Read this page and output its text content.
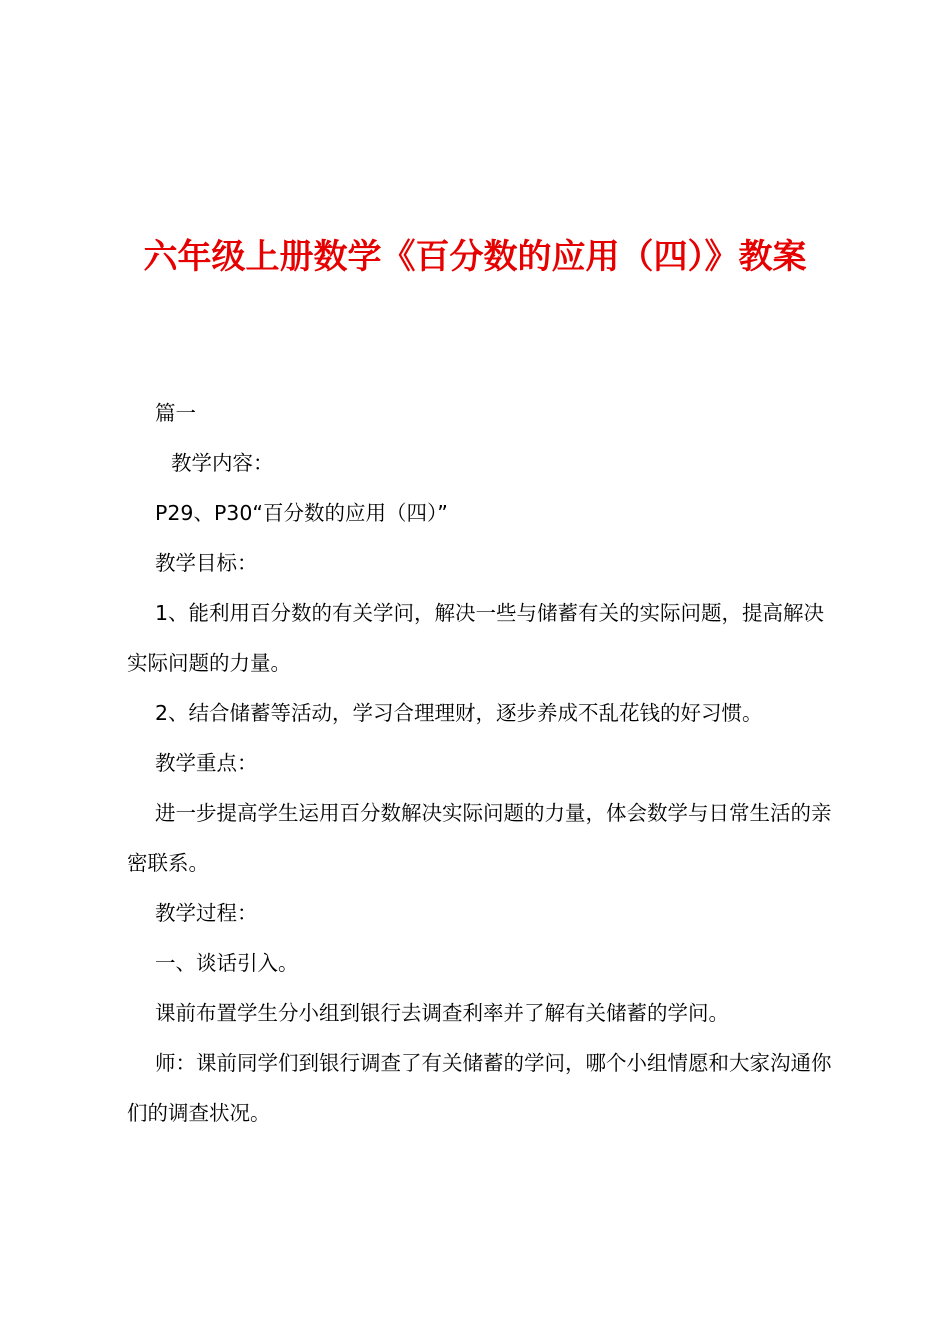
六年级上册数学《百分数的应用（四）》教案

篇一

教学内容：

P29、P30“百分数的应用（四）”

教学目标：

1、能利用百分数的有关学问，解决一些与储蓄有关的实际问题，提高解决实际问题的力量。

2、结合储蓄等活动，学习合理理财，逐步养成不乱花钱的好习惯。

教学重点：

进一步提高学生运用百分数解决实际问题的力量，体会数学与日常生活的亲密联系。

教学过程：

一、谈话引入。

课前布置学生分小组到银行去调查利率并了解有关储蓄的学问。

师：课前同学们到银行调查了有关储蓄的学问，哪个小组情愿和大家沟通你们的调查状况。
